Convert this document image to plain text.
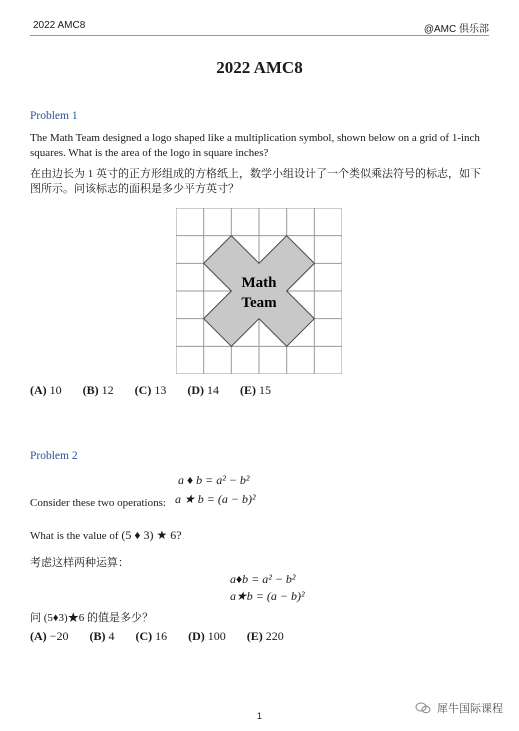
2022 AMC8	@AMC 俱乐部
2022 AMC8
Problem 1
The Math Team designed a logo shaped like a multiplication symbol, shown below on a grid of 1-inch squares. What is the area of the logo in square inches?
在由边长为 1 英寸的正方形组成的方格纸上，数学小组设计了一个类似乘法符号的标志，如下图所示。问该标志的面积是多少平方英寸？
Math
Team
(A) 10 (B) 12 (C) 13 (D) 14 (E) 15
Problem 2
a ♦ b = a² − b²
Consider these two operations: a ★ b = (a − b)²
What is the value of (5 ♦ 3) ★ 6?
考虑这样两种运算：
a♦b = a² − b²
a★b = (a − b)²
问 (5♦3)★6 的值是多少？
(A) −20 (B) 4 (C) 16 (D) 100 (E) 220
1
犀牛国际课程
